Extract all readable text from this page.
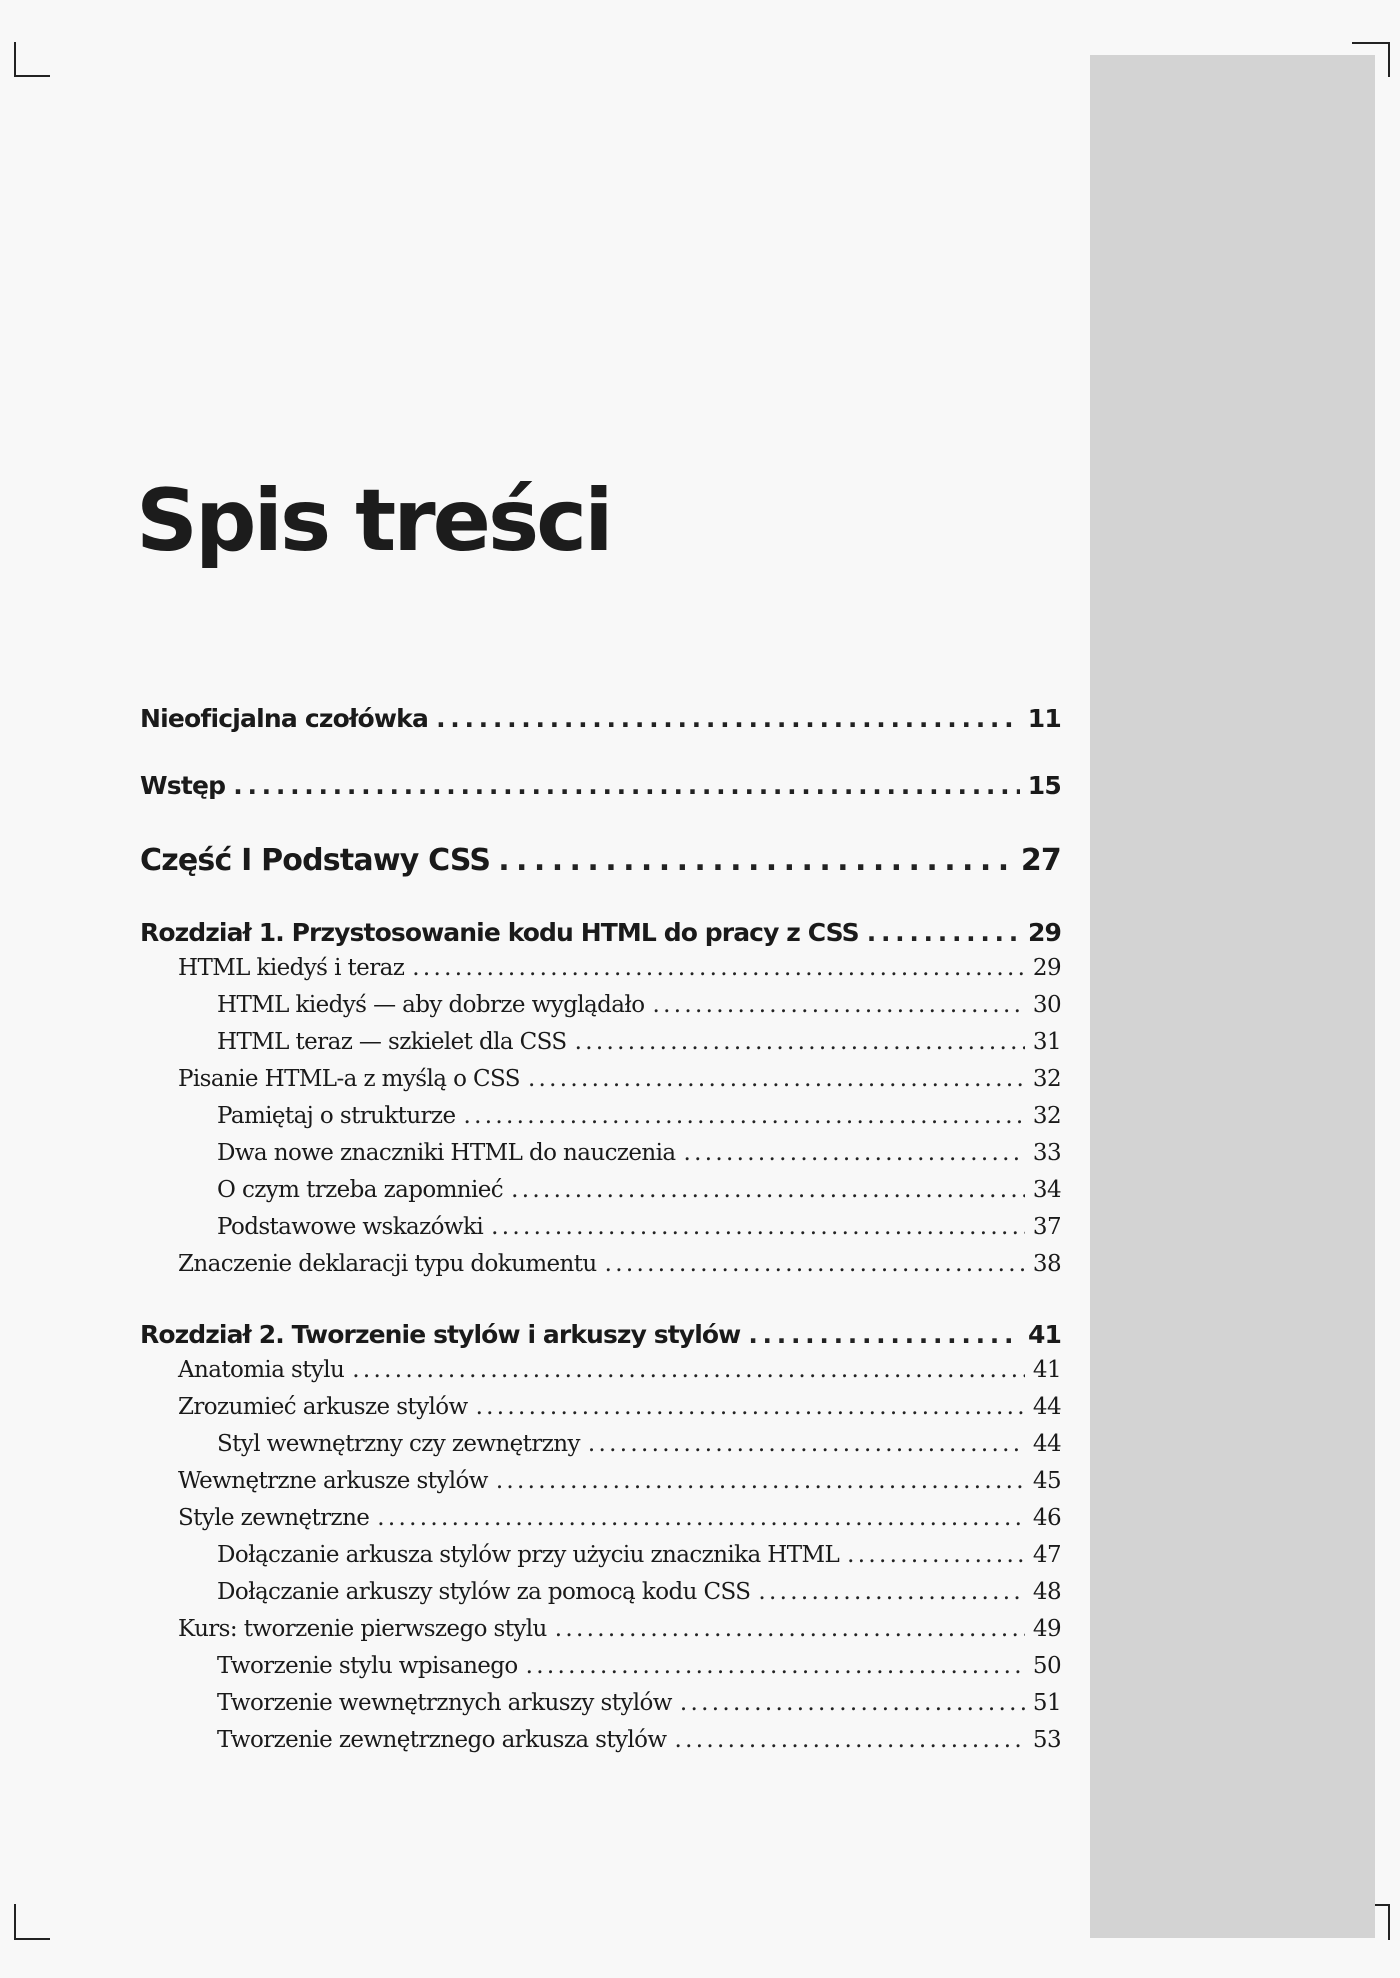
Spis treści
Nieoficjalna czołówka . . .	11
Wstęp . . .	15
Część I Podstawy CSS . . .	27
Rozdział 1. Przystosowanie kodu HTML do pracy z CSS . . .	29
HTML kiedyś i teraz . . .	29
HTML kiedyś — aby dobrze wyglądało . . .	30
HTML teraz — szkielet dla CSS . . .	31
Pisanie HTML-a z myślą o CSS . . .	32
Pamiętaj o strukturze . . .	32
Dwa nowe znaczniki HTML do nauczenia . . .	33
O czym trzeba zapomnieć . . .	34
Podstawowe wskazówki . . .	37
Znaczenie deklaracji typu dokumentu . . .	38
Rozdział 2. Tworzenie stylów i arkuszy stylów . . .	41
Anatomia stylu . . .	41
Zrozumieć arkusze stylów . . .	44
Styl wewnętrzny czy zewnętrzny . . .	44
Wewnętrzne arkusze stylów . . .	45
Style zewnętrzne . . .	46
Dołączanie arkusza stylów przy użyciu znacznika HTML . . .	47
Dołączanie arkuszy stylów za pomocą kodu CSS . . .	48
Kurs: tworzenie pierwszego stylu . . .	49
Tworzenie stylu wpisanego . . .	50
Tworzenie wewnętrznych arkuszy stylów . . .	51
Tworzenie zewnętrznego arkusza stylów . . .	53
